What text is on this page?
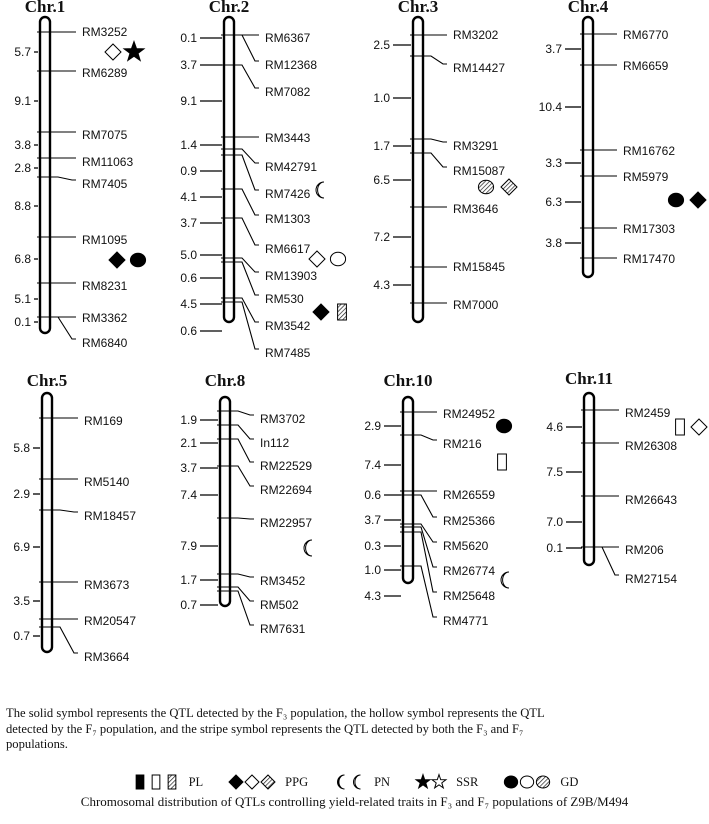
Chr.1
RM3252
RM6289
RM7075
RM11063
RM7405
RM1095
RM8231
RM3362
RM6840
5.7
9.1
3.8
2.8
8.8
6.8
5.1
0.1
Chr.2
RM6367
RM12368
RM7082
RM3443
RM42791
RM7426
RM1303
RM6617
RM13903
RM530
RM3542
RM7485
0.1
3.7
9.1
1.4
0.9
4.1
3.7
5.0
0.6
4.5
0.6
Chr.3
RM3202
RM14427
RM3291
RM15087
RM3646
RM15845
RM7000
2.5
1.0
1.7
6.5
7.2
4.3
Chr.4
RM6770
RM6659
RM16762
RM5979
RM17303
RM17470
3.7
10.4
3.3
6.3
3.8
Chr.5
RM169
RM5140
RM18457
RM3673
RM20547
RM3664
5.8
2.9
6.9
3.5
0.7
Chr.8
RM3702
In112
RM22529
RM22694
RM22957
RM3452
RM502
RM7631
1.9
2.1
3.7
7.4
7.9
1.7
0.7
Chr.10
RM24952
RM216
RM26559
RM25366
RM5620
RM26774
RM25648
RM4771
2.9
7.4
0.6
3.7
0.3
1.0
4.3
Chr.11
RM2459
RM26308
RM26643
RM206
RM27154
4.6
7.5
7.0
0.1

The solid symbol represents the QTL detected by the F₃ population, the hollow symbol represents the QTL detected by the F₇ population, and the stripe symbol represents the QTL detected by both the F₃ and F₇ populations.

PL	PPG	PN	SSR	GD
Chromosomal distribution of QTLs controlling yield-related traits in F₃ and F₇ populations of Z9B/M494
